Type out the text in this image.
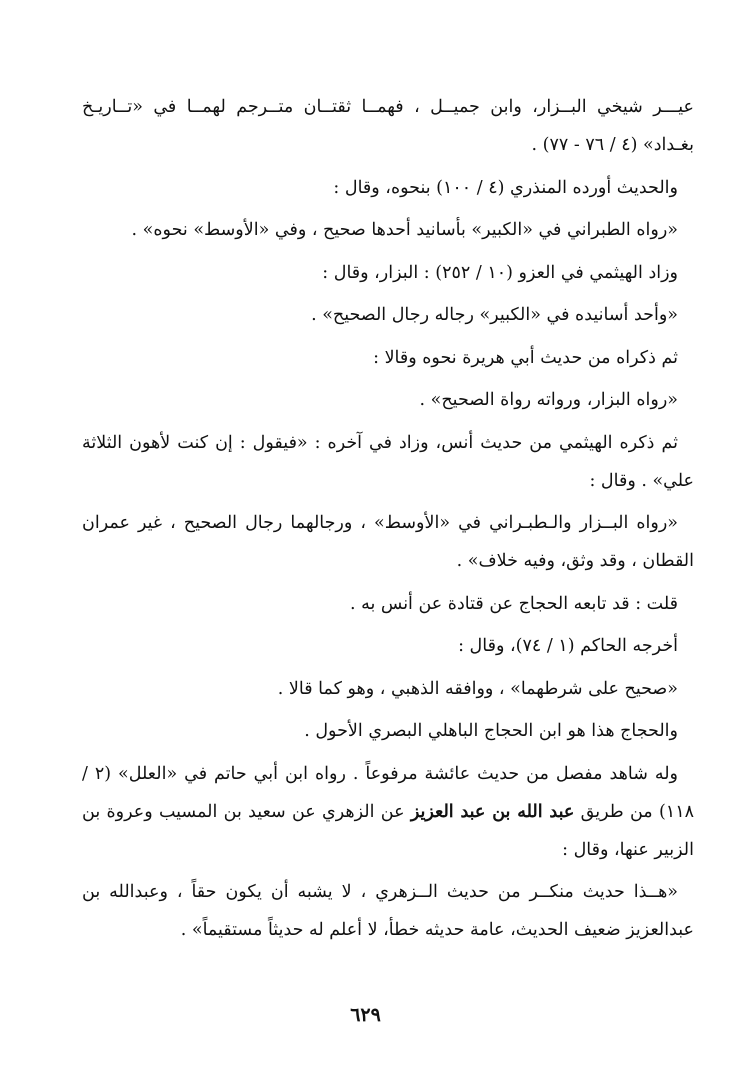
عيـــر شيخي البــزار، وابن جميــل ، فهمــا ثقتــان متــرجم لهمــا في «تــاريـخ بغـداد» (٤ / ٧٦ - ٧٧) .

والحديث أورده المنذري (٤ / ١٠٠) بنحوه، وقال :

«رواه الطبراني في «الكبير» بأسانيد أحدها صحيح ، وفي «الأوسط» نحوه» .

وزاد الهيثمي في العزو (١٠ / ٢٥٢) : البزار، وقال :

«وأحد أسانيده في «الكبير» رجاله رجال الصحيح» .

ثم ذكراه من حديث أبي هريرة نحوه وقالا :

«رواه البزار، ورواته رواة الصحيح» .

ثم ذكره الهيثمي من حديث أنس، وزاد في آخره : «فيقول : إن كنت لأهون الثلاثة علي» . وقال :

«رواه البــزار والـطبـراني في «الأوسط» ، ورجالهما رجال الصحيح ، غير عمران القطان ، وقد وثق، وفيه خلاف» .

قلت : قد تابعه الحجاج عن قتادة عن أنس به .

أخرجه الحاكم (١ / ٧٤)، وقال :

«صحيح على شرطهما» ، ووافقه الذهبي ، وهو كما قالا .

والحجاج هذا هو ابن الحجاج الباهلي البصري الأحول .

وله شاهد مفصل من حديث عائشة مرفوعاً . رواه ابن أبي حاتم في «العلل» (٢ / ١١٨) من طريق عبد الله بن عبد العزيز عن الزهري عن سعيد بن المسيب وعروة بن الزبير عنها، وقال :

«هــذا حديث منكــر من حديث الــزهري ، لا يشبه أن يكون حقاً ، وعبدالله بن عبدالعزيز ضعيف الحديث، عامة حديثه خطأ، لا أعلم له حديثاً مستقيماً» .

٦٢٩
